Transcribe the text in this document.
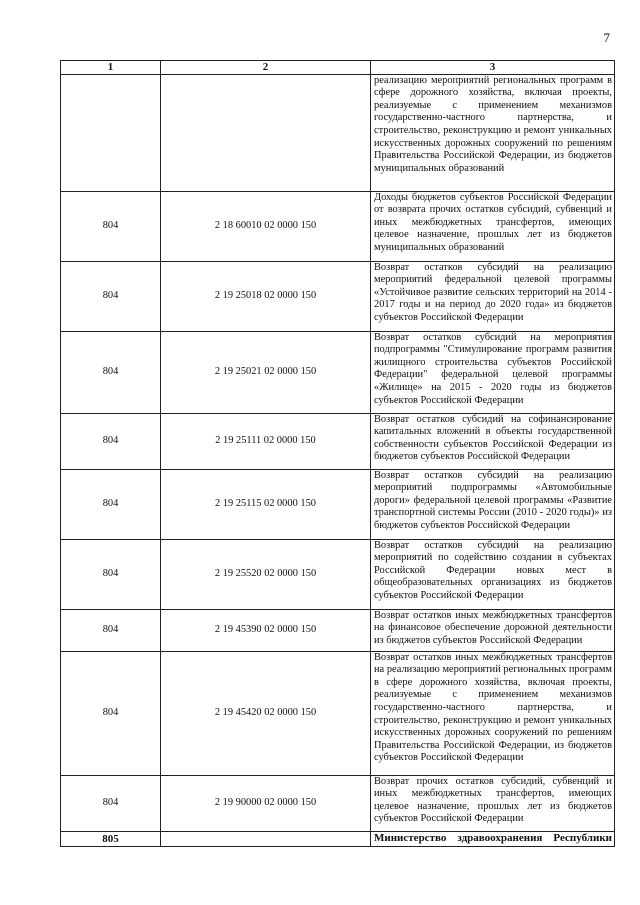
7
1	2	3
		реализацию мероприятий региональных программ в сфере дорожного хозяйства, включая проекты, реализуемые с применением механизмов государственно-частного партнерства, и строительство, реконструкцию и ремонт уникальных искусственных дорожных сооружений по решениям Правительства Российской Федерации, из бюджетов муниципальных образований
804	2 18 60010 02 0000 150	Доходы бюджетов субъектов Российской Федерации от возврата прочих остатков субсидий, субвенций и иных межбюджетных трансфертов, имеющих целевое назначение, прошлых лет из бюджетов муниципальных образований
804	2 19 25018 02 0000 150	Возврат остатков субсидий на реализацию мероприятий федеральной целевой программы «Устойчивое развитие сельских территорий на 2014 - 2017 годы и на период до 2020 года» из бюджетов субъектов Российской Федерации
804	2 19 25021 02 0000 150	Возврат остатков субсидий на мероприятия подпрограммы "Стимулирование программ развития жилищного строительства субъектов Российской Федерации" федеральной целевой программы «Жилище» на 2015 - 2020 годы из бюджетов субъектов Российской Федерации
804	2 19 25111 02 0000 150	Возврат остатков субсидий на софинансирование капитальных вложений в объекты государственной собственности субъектов Российской Федерации из бюджетов субъектов Российской Федерации
804	2 19 25115 02 0000 150	Возврат остатков субсидий на реализацию мероприятий подпрограммы «Автомобильные дороги» федеральной целевой программы «Развитие транспортной системы России (2010 - 2020 годы)» из бюджетов субъектов Российской Федерации
804	2 19 25520 02 0000 150	Возврат остатков субсидий на реализацию мероприятий по содействию создания в субъектах Российской Федерации новых мест в общеобразовательных организациях из бюджетов субъектов Российской Федерации
804	2 19 45390 02 0000 150	Возврат остатков иных межбюджетных трансфертов на финансовое обеспечение дорожной деятельности из бюджетов субъектов Российской Федерации
804	2 19 45420 02 0000 150	Возврат остатков иных межбюджетных трансфертов на реализацию мероприятий региональных программ в сфере дорожного хозяйства, включая проекты, реализуемые с применением механизмов государственно-частного партнерства, и строительство, реконструкцию и ремонт уникальных искусственных дорожных сооружений по решениям Правительства Российской Федерации, из бюджетов субъектов Российской Федерации
804	2 19 90000 02 0000 150	Возврат прочих остатков субсидий, субвенций и иных межбюджетных трансфертов, имеющих целевое назначение, прошлых лет из бюджетов субъектов Российской Федерации
805		Министерство здравоохранения Республики
